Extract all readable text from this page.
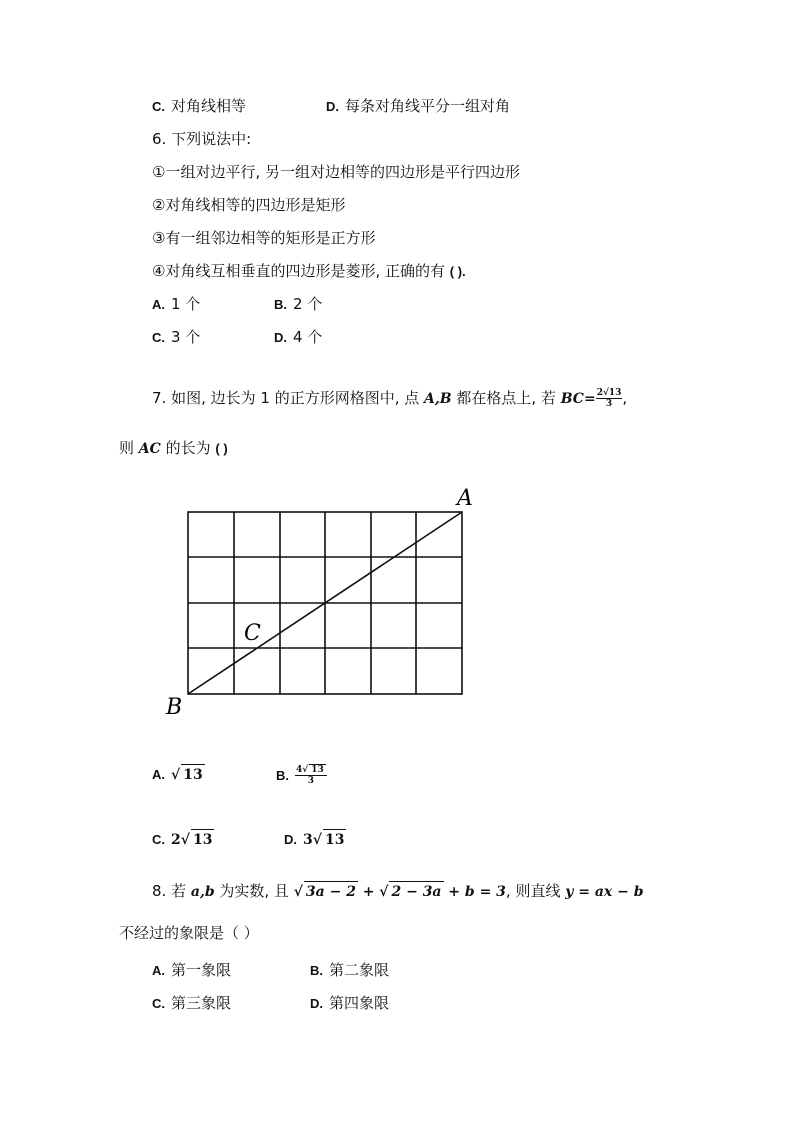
C. 对角线相等	D. 每条对角线平分一组对角
6. 下列说法中:
①一组对边平行, 另一组对边相等的四边形是平行四边形
②对角线相等的四边形是矩形
③有一组邻边相等的矩形是正方形
④对角线互相垂直的四边形是菱形, 正确的有 ( ).
A. 1 个	B. 2 个
C. 3 个	D. 4 个
7. 如图, 边长为 1 的正方形网格图中, 点 A,B 都在格点上, 若 $BC= \frac{2√13}{3}$ ,
则 AC 的长为 ( )
A
B
C
A. √ 13	B. $\frac{4√ 13}{3}$
C. 2√ 13	D. 3√ 13
8. 若 a,b 为实数, 且 √ 3a − 2 + √ 2 − 3a + b = 3, 则直线 y = ax − b
不经过的象限是（ ）
A. 第一象限	B. 第二象限
C. 第三象限	D. 第四象限
